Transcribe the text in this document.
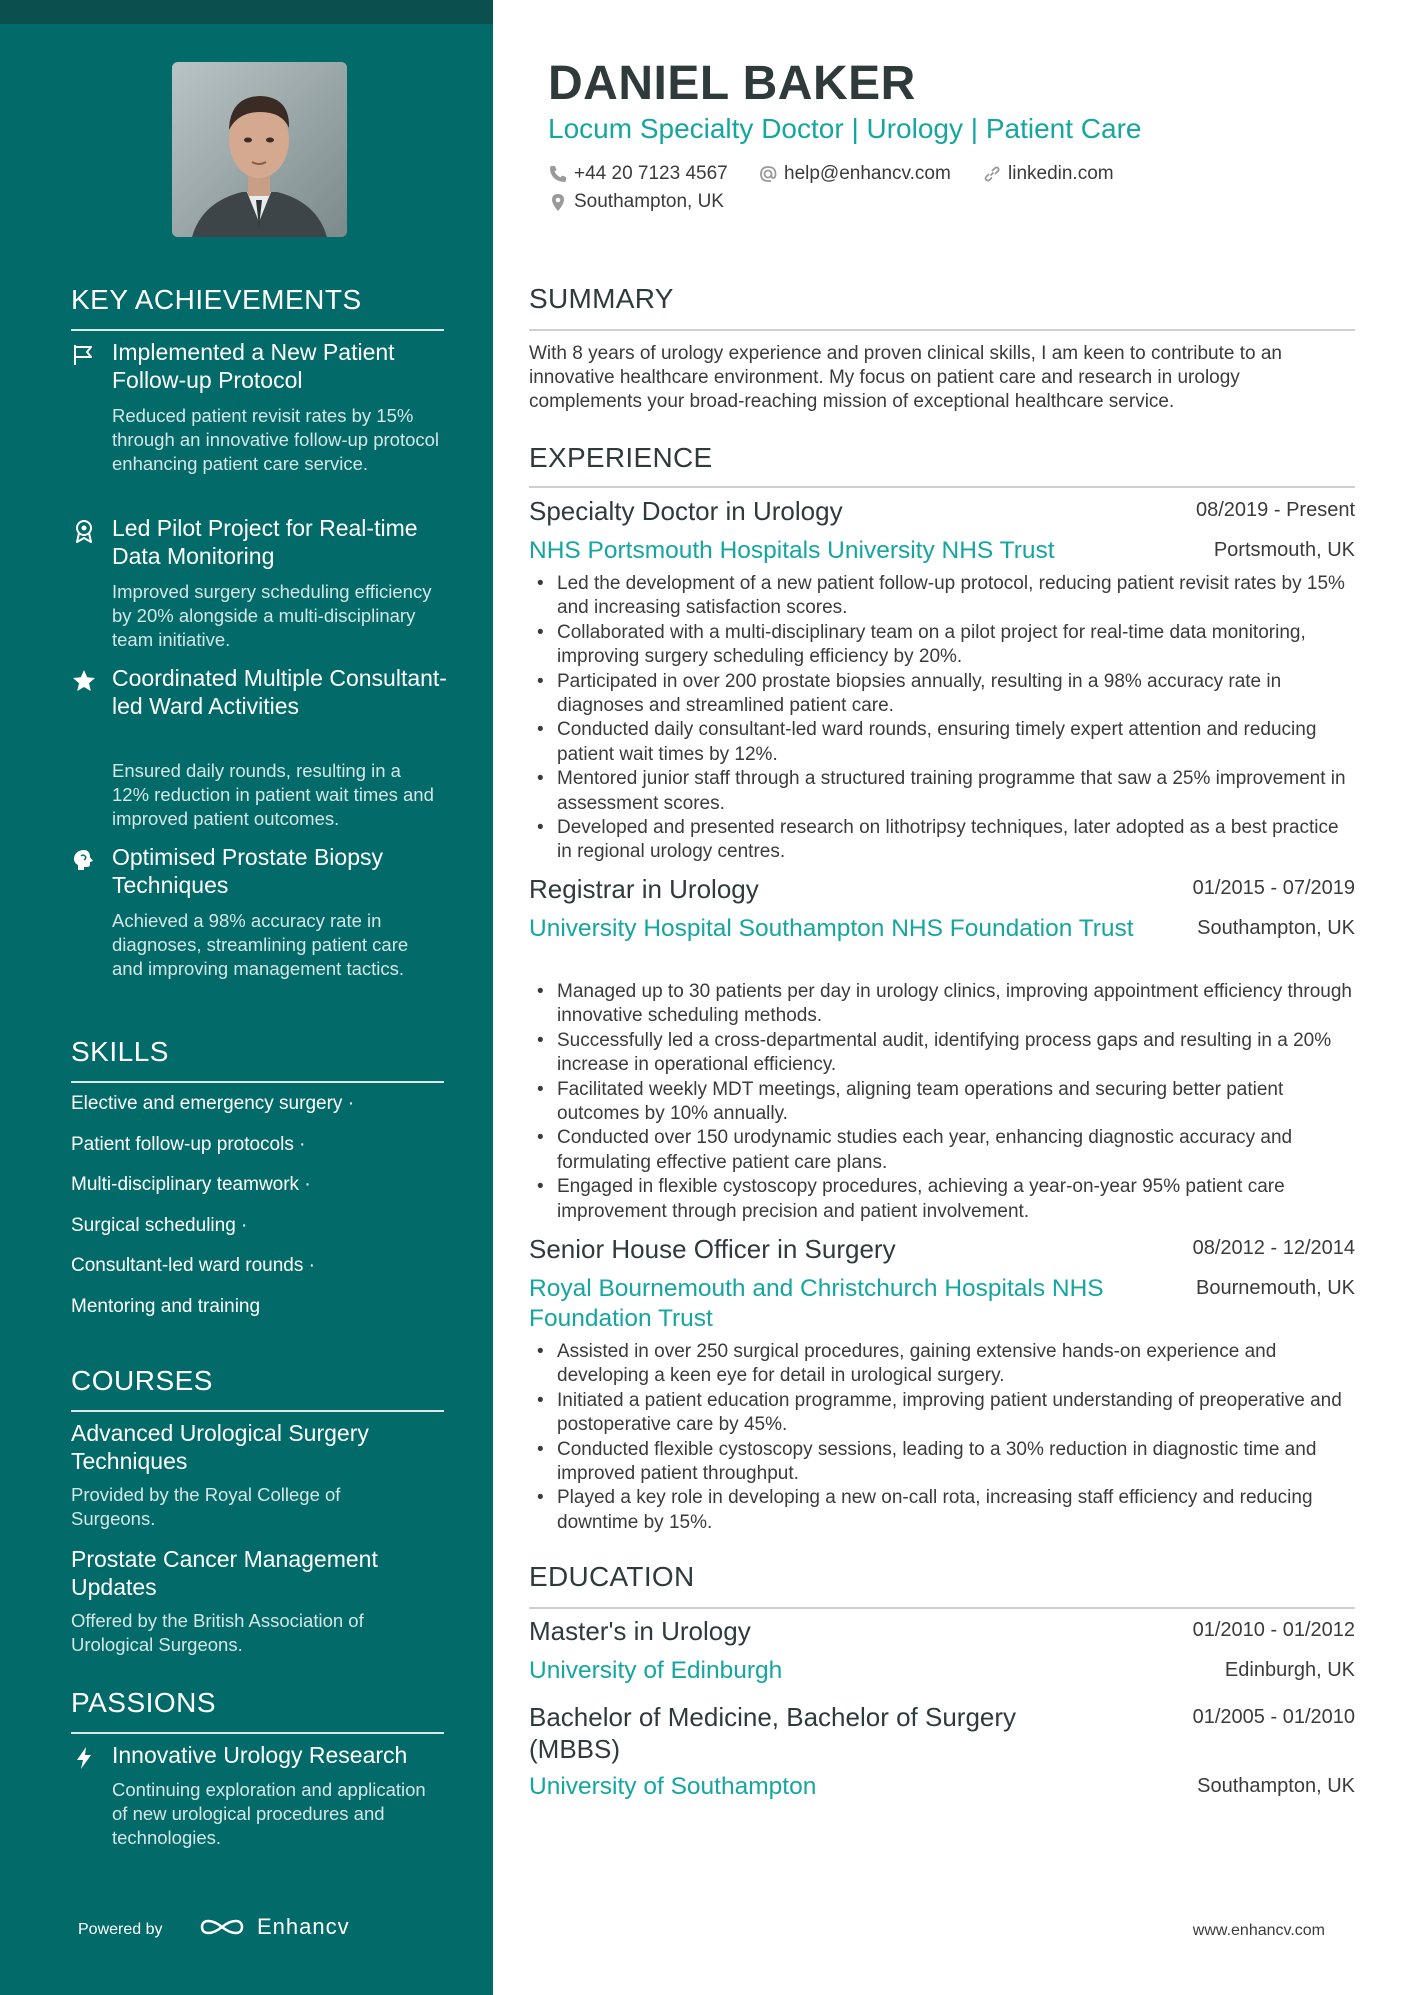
KEY ACHIEVEMENTS
Implemented a New Patient Follow-up Protocol
Reduced patient revisit rates by 15% through an innovative follow-up protocol enhancing patient care service.
Led Pilot Project for Real-time Data Monitoring
Improved surgery scheduling efficiency by 20% alongside a multi-disciplinary team initiative.
Coordinated Multiple Consultant-led Ward Activities
Ensured daily rounds, resulting in a 12% reduction in patient wait times and improved patient outcomes.
Optimised Prostate Biopsy Techniques
Achieved a 98% accuracy rate in diagnoses, streamlining patient care and improving management tactics.
SKILLS
Elective and emergency surgery ·
Patient follow-up protocols ·
Multi-disciplinary teamwork ·
Surgical scheduling ·
Consultant-led ward rounds ·
Mentoring and training
COURSES
Advanced Urological Surgery Techniques
Provided by the Royal College of Surgeons.
Prostate Cancer Management Updates
Offered by the British Association of Urological Surgeons.
PASSIONS
Innovative Urology Research
Continuing exploration and application of new urological procedures and technologies.
Powered by	Enhancv
DANIEL BAKER
Locum Specialty Doctor | Urology | Patient Care
+44 20 7123 4567	help@enhancv.com	linkedin.com
Southampton, UK
SUMMARY
With 8 years of urology experience and proven clinical skills, I am keen to contribute to an innovative healthcare environment. My focus on patient care and research in urology complements your broad-reaching mission of exceptional healthcare service.
EXPERIENCE
Specialty Doctor in Urology	08/2019 - Present
NHS Portsmouth Hospitals University NHS Trust	Portsmouth, UK
• Led the development of a new patient follow-up protocol, reducing patient revisit rates by 15% and increasing satisfaction scores.
• Collaborated with a multi-disciplinary team on a pilot project for real-time data monitoring, improving surgery scheduling efficiency by 20%.
• Participated in over 200 prostate biopsies annually, resulting in a 98% accuracy rate in diagnoses and streamlined patient care.
• Conducted daily consultant-led ward rounds, ensuring timely expert attention and reducing patient wait times by 12%.
• Mentored junior staff through a structured training programme that saw a 25% improvement in assessment scores.
• Developed and presented research on lithotripsy techniques, later adopted as a best practice in regional urology centres.
Registrar in Urology	01/2015 - 07/2019
University Hospital Southampton NHS Foundation Trust	Southampton, UK
• Managed up to 30 patients per day in urology clinics, improving appointment efficiency through innovative scheduling methods.
• Successfully led a cross-departmental audit, identifying process gaps and resulting in a 20% increase in operational efficiency.
• Facilitated weekly MDT meetings, aligning team operations and securing better patient outcomes by 10% annually.
• Conducted over 150 urodynamic studies each year, enhancing diagnostic accuracy and formulating effective patient care plans.
• Engaged in flexible cystoscopy procedures, achieving a year-on-year 95% patient care improvement through precision and patient involvement.
Senior House Officer in Surgery	08/2012 - 12/2014
Royal Bournemouth and Christchurch Hospitals NHS Foundation Trust
Bournemouth, UK
• Assisted in over 250 surgical procedures, gaining extensive hands-on experience and developing a keen eye for detail in urological surgery.
• Initiated a patient education programme, improving patient understanding of preoperative and postoperative care by 45%.
• Conducted flexible cystoscopy sessions, leading to a 30% reduction in diagnostic time and improved patient throughput.
• Played a key role in developing a new on-call rota, increasing staff efficiency and reducing downtime by 15%.
EDUCATION
Master's in Urology	01/2010 - 01/2012
University of Edinburgh	Edinburgh, UK
Bachelor of Medicine, Bachelor of Surgery (MBBS)
01/2005 - 01/2010
University of Southampton	Southampton, UK
www.enhancv.com
